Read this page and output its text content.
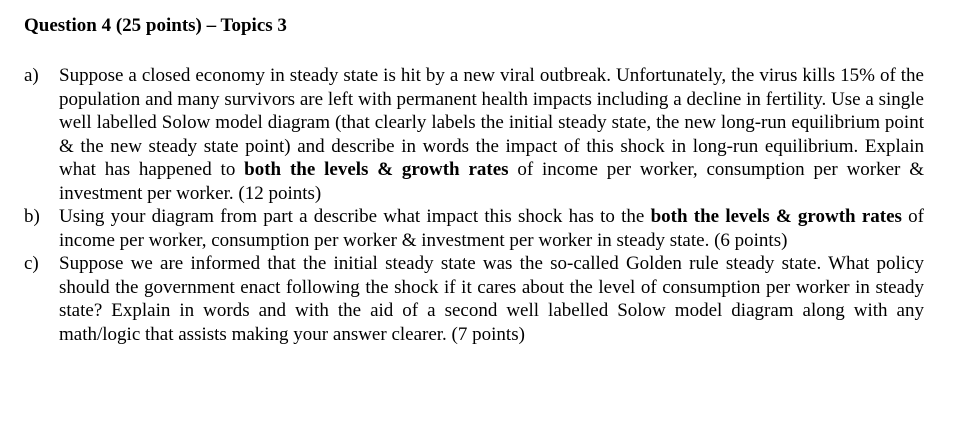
Question 4 (25 points) – Topics 3
a)	Suppose a closed economy in steady state is hit by a new viral outbreak. Unfortunately, the virus kills 15% of the population and many survivors are left with permanent health impacts including a decline in fertility. Use a single well labelled Solow model diagram (that clearly labels the initial steady state, the new long-run equilibrium point & the new steady state point) and describe in words the impact of this shock in long-run equilibrium. Explain what has happened to both the levels & growth rates of income per worker, consumption per worker & investment per worker. (12 points)
b)	Using your diagram from part a describe what impact this shock has to the both the levels & growth rates of income per worker, consumption per worker & investment per worker in steady state. (6 points)
c)	Suppose we are informed that the initial steady state was the so-called Golden rule steady state. What policy should the government enact following the shock if it cares about the level of consumption per worker in steady state? Explain in words and with the aid of a second well labelled Solow model diagram along with any math/logic that assists making your answer clearer. (7 points)
